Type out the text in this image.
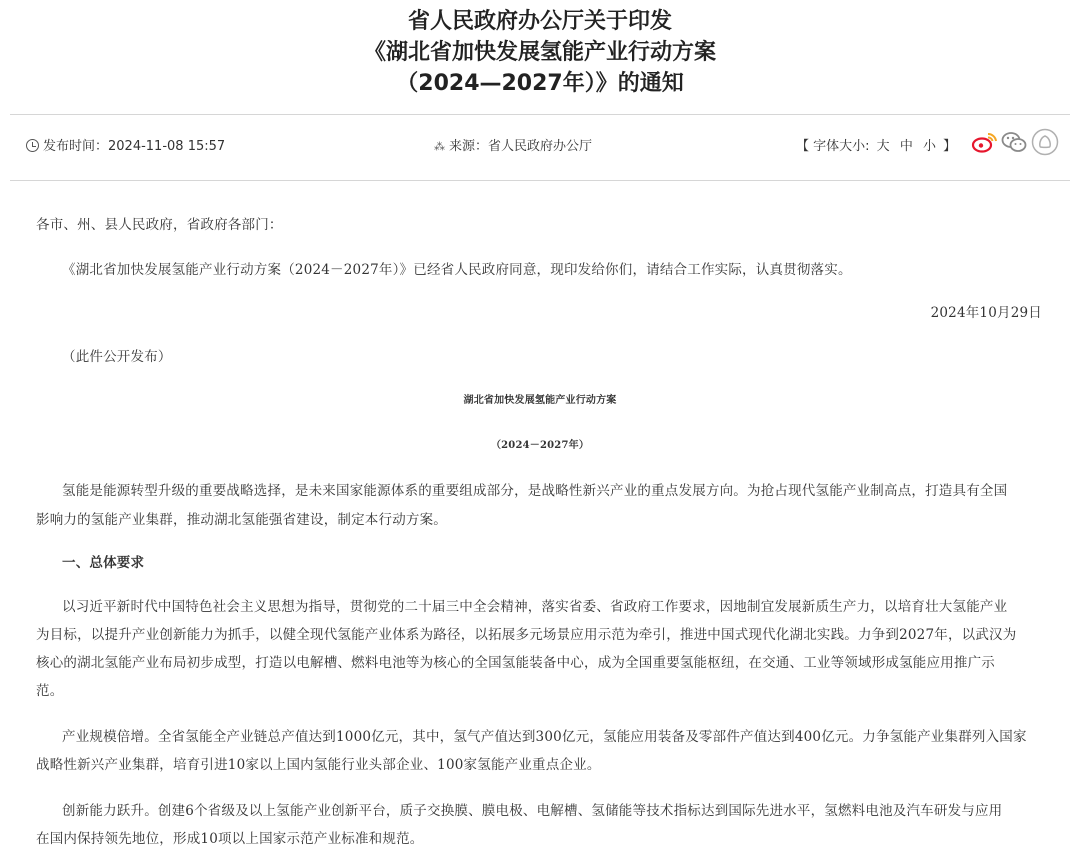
省人民政府办公厅关于印发
《湖北省加快发展氢能产业行动方案
（2024—2027年）》的通知
发布时间：2024-11-08 15:57	⁂ 来源：省人民政府办公厅	【 字体大小: 大 中 小 】
各市、州、县人民政府，省政府各部门：
《湖北省加快发展氢能产业行动方案（2024－2027年）》已经省人民政府同意，现印发给你们，请结合工作实际，认真贯彻落实。
2024年10月29日
（此件公开发布）
湖北省加快发展氢能产业行动方案
（2024－2027年）
氢能是能源转型升级的重要战略选择，是未来国家能源体系的重要组成部分，是战略性新兴产业的重点发展方向。为抢占现代氢能产业制高点，打造具有全国
影响力的氢能产业集群，推动湖北氢能强省建设，制定本行动方案。
一、总体要求
以习近平新时代中国特色社会主义思想为指导，贯彻党的二十届三中全会精神，落实省委、省政府工作要求，因地制宜发展新质生产力，以培育壮大氢能产业
为目标，以提升产业创新能力为抓手，以健全现代氢能产业体系为路径，以拓展多元场景应用示范为牵引，推进中国式现代化湖北实践。力争到2027年，以武汉为
核心的湖北氢能产业布局初步成型，打造以电解槽、燃料电池等为核心的全国氢能装备中心，成为全国重要氢能枢纽，在交通、工业等领域形成氢能应用推广示
范。
产业规模倍增。全省氢能全产业链总产值达到1000亿元，其中，氢气产值达到300亿元，氢能应用装备及零部件产值达到400亿元。力争氢能产业集群列入国家
战略性新兴产业集群，培育引进10家以上国内氢能行业头部企业、100家氢能产业重点企业。
创新能力跃升。创建6个省级及以上氢能产业创新平台，质子交换膜、膜电极、电解槽、氢储能等技术指标达到国际先进水平，氢燃料电池及汽车研发与应用
在国内保持领先地位，形成10项以上国家示范产业标准和规范。
